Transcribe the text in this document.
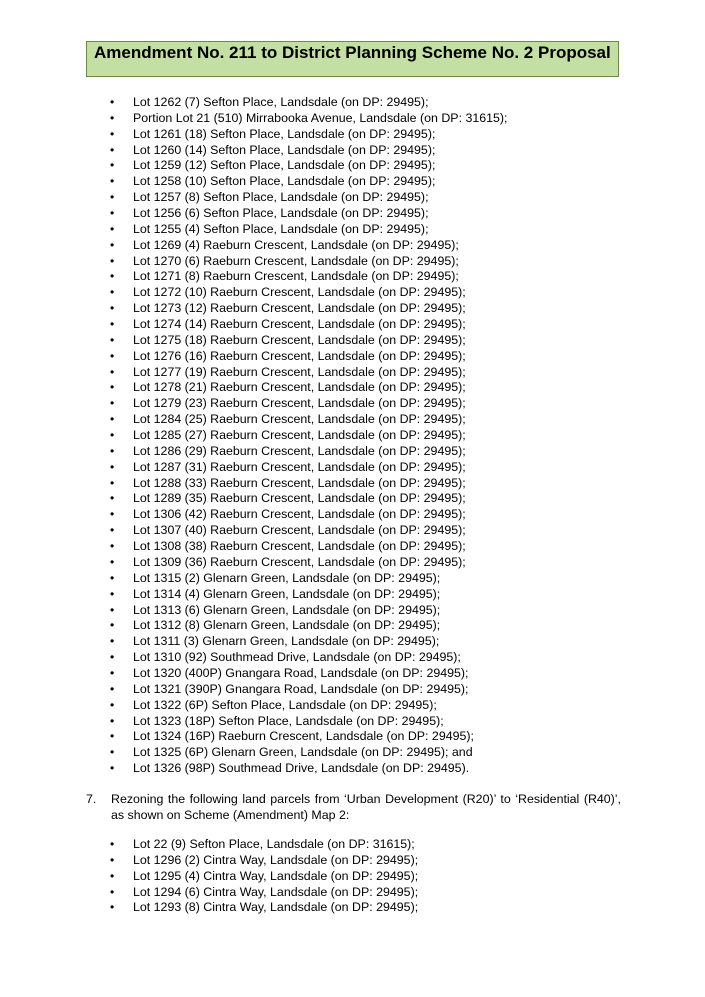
Amendment No. 211 to District Planning Scheme No. 2 Proposal
• Lot 1262 (7) Sefton Place, Landsdale (on DP: 29495);
• Portion Lot 21 (510) Mirrabooka Avenue, Landsdale (on DP: 31615);
• Lot 1261 (18) Sefton Place, Landsdale (on DP: 29495);
• Lot 1260 (14) Sefton Place, Landsdale (on DP: 29495);
• Lot 1259 (12) Sefton Place, Landsdale (on DP: 29495);
• Lot 1258 (10) Sefton Place, Landsdale (on DP: 29495);
• Lot 1257 (8) Sefton Place, Landsdale (on DP: 29495);
• Lot 1256 (6) Sefton Place, Landsdale (on DP: 29495);
• Lot 1255 (4) Sefton Place, Landsdale (on DP: 29495);
• Lot 1269 (4) Raeburn Crescent, Landsdale (on DP: 29495);
• Lot 1270 (6) Raeburn Crescent, Landsdale (on DP: 29495);
• Lot 1271 (8) Raeburn Crescent, Landsdale (on DP: 29495);
• Lot 1272 (10) Raeburn Crescent, Landsdale (on DP: 29495);
• Lot 1273 (12) Raeburn Crescent, Landsdale (on DP: 29495);
• Lot 1274 (14) Raeburn Crescent, Landsdale (on DP: 29495);
• Lot 1275 (18) Raeburn Crescent, Landsdale (on DP: 29495);
• Lot 1276 (16) Raeburn Crescent, Landsdale (on DP: 29495);
• Lot 1277 (19) Raeburn Crescent, Landsdale (on DP: 29495);
• Lot 1278 (21) Raeburn Crescent, Landsdale (on DP: 29495);
• Lot 1279 (23) Raeburn Crescent, Landsdale (on DP: 29495);
• Lot 1284 (25) Raeburn Crescent, Landsdale (on DP: 29495);
• Lot 1285 (27) Raeburn Crescent, Landsdale (on DP: 29495);
• Lot 1286 (29) Raeburn Crescent, Landsdale (on DP: 29495);
• Lot 1287 (31) Raeburn Crescent, Landsdale (on DP: 29495);
• Lot 1288 (33) Raeburn Crescent, Landsdale (on DP: 29495);
• Lot 1289 (35) Raeburn Crescent, Landsdale (on DP: 29495);
• Lot 1306 (42) Raeburn Crescent, Landsdale (on DP: 29495);
• Lot 1307 (40) Raeburn Crescent, Landsdale (on DP: 29495);
• Lot 1308 (38) Raeburn Crescent, Landsdale (on DP: 29495);
• Lot 1309 (36) Raeburn Crescent, Landsdale (on DP: 29495);
• Lot 1315 (2) Glenarn Green, Landsdale (on DP: 29495);
• Lot 1314 (4) Glenarn Green, Landsdale (on DP: 29495);
• Lot 1313 (6) Glenarn Green, Landsdale (on DP: 29495);
• Lot 1312 (8) Glenarn Green, Landsdale (on DP: 29495);
• Lot 1311 (3) Glenarn Green, Landsdale (on DP: 29495);
• Lot 1310 (92) Southmead Drive, Landsdale (on DP: 29495);
• Lot 1320 (400P) Gnangara Road, Landsdale (on DP: 29495);
• Lot 1321 (390P) Gnangara Road, Landsdale (on DP: 29495);
• Lot 1322 (6P) Sefton Place, Landsdale (on DP: 29495);
• Lot 1323 (18P) Sefton Place, Landsdale (on DP: 29495);
• Lot 1324 (16P) Raeburn Crescent, Landsdale (on DP: 29495);
• Lot 1325 (6P) Glenarn Green, Landsdale (on DP: 29495); and
• Lot 1326 (98P) Southmead Drive, Landsdale (on DP: 29495).
7. Rezoning the following land parcels from ‘Urban Development (R20)’ to ‘Residential (R40)’, as shown on Scheme (Amendment) Map 2:
• Lot 22 (9) Sefton Place, Landsdale (on DP: 31615);
• Lot 1296 (2) Cintra Way, Landsdale (on DP: 29495);
• Lot 1295 (4) Cintra Way, Landsdale (on DP: 29495);
• Lot 1294 (6) Cintra Way, Landsdale (on DP: 29495);
• Lot 1293 (8) Cintra Way, Landsdale (on DP: 29495);
